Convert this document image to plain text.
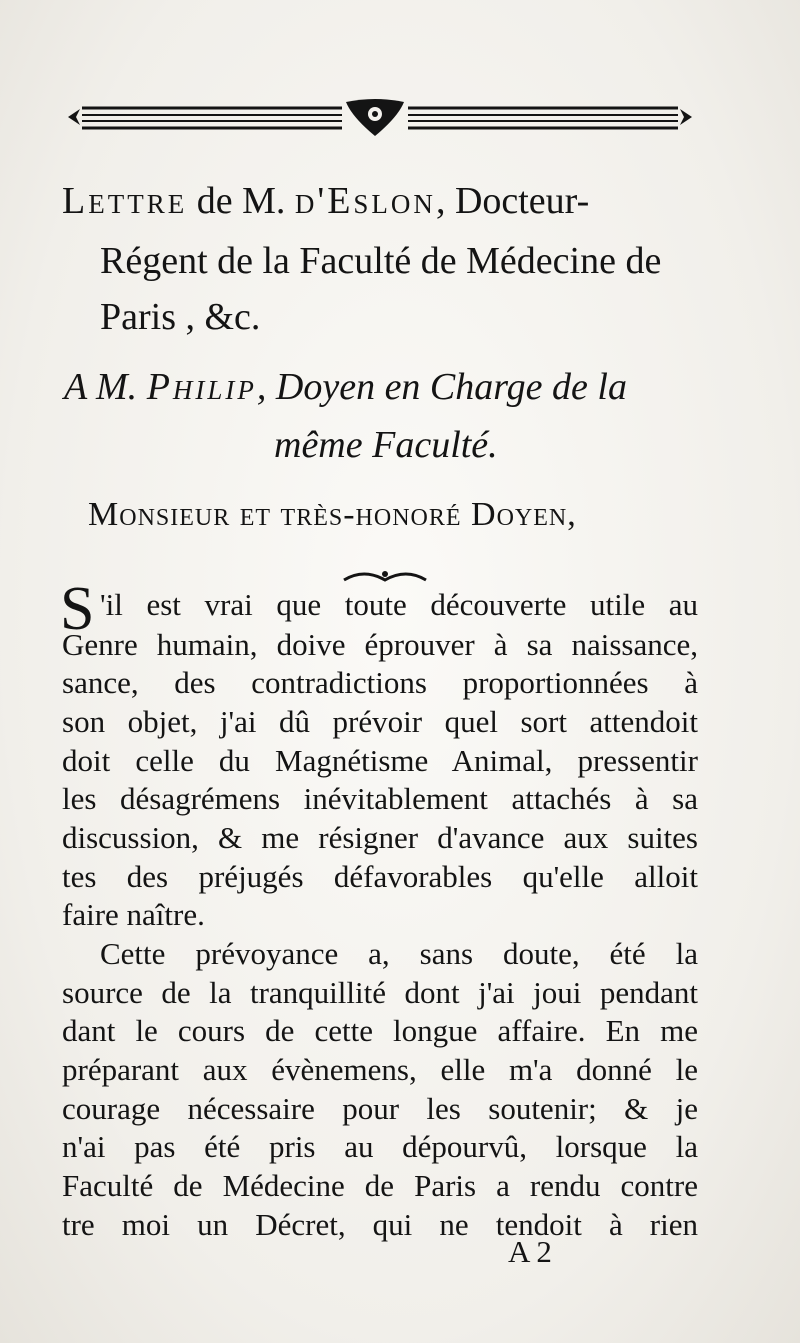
Lettre de M. d'Eslon, Docteur-
Régent de la Faculté de Médecine de
Paris , &c.
A M. Philip, Doyen en Charge de la
même Faculté.
Monsieur et très-honoré Doyen,
S 'il est vrai que toute découverte utile au
Genre humain, doive éprouver à sa naissance,
sance, des contradictions proportionnées à
son objet, j'ai dû prévoir quel sort attendoit
doit celle du Magnétisme Animal, pressentir
les désagrémens inévitablement attachés à sa
discussion, & me résigner d'avance aux suites
tes des préjugés défavorables qu'elle alloit
faire naître.
Cette prévoyance a, sans doute, été la
source de la tranquillité dont j'ai joui pendant
dant le cours de cette longue affaire. En me
préparant aux évènemens, elle m'a donné le
courage nécessaire pour les soutenir; & je
n'ai pas été pris au dépourvû, lorsque la
Faculté de Médecine de Paris a rendu contre
tre moi un Décret, qui ne tendoit à rien
A 2
